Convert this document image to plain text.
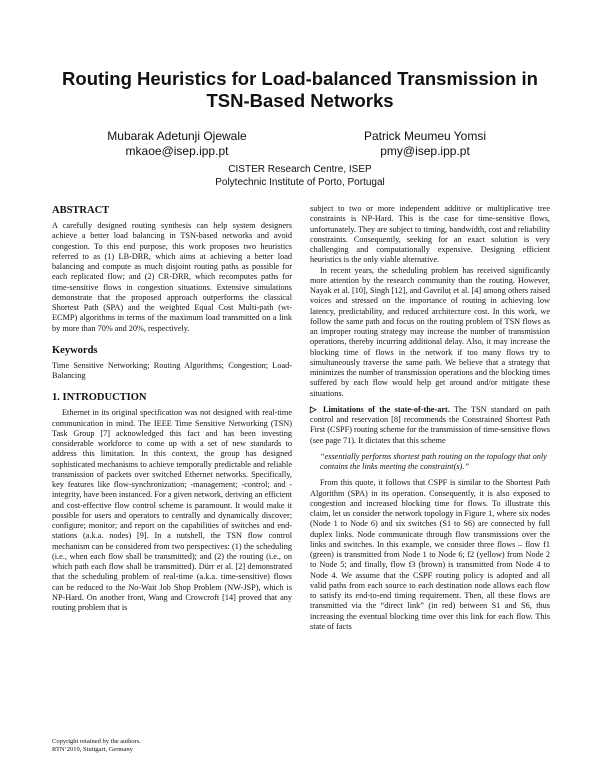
Routing Heuristics for Load-balanced Transmission in TSN-Based Networks
Mubarak Adetunji Ojewale
mkaoe@isep.ipp.pt
Patrick Meumeu Yomsi
pmy@isep.ipp.pt
CISTER Research Centre, ISEP
Polytechnic Institute of Porto, Portugal
ABSTRACT

A carefully designed routing synthesis can help system designers achieve a better load balancing in TSN-based networks and avoid congestion. To this end purpose, this work proposes two heuristics referred to as (1) LB-DRR, which aims at achieving a better load balancing and compute as much disjoint routing paths as possible for each replicated flow; and (2) CR-DRR, which recomputes paths for time-sensitive flows in congestion situations. Extensive simulations demonstrate that the proposed approach outperforms the classical Shortest Path (SPA) and the weighted Equal Cost Multi-path (wt-ECMP) algorithms in terms of the maximum load transmitted on a link by more than 70% and 20%, respectively.

Keywords

Time Sensitive Networking; Routing Algorithms; Congestion; Load-Balancing

1. INTRODUCTION

Ethernet in its original specification was not designed with real-time communication in mind. The IEEE Time Sensitive Networking (TSN) Task Group [7] acknowledged this fact and has been investing considerable workforce to come up with a set of new standards to address this limitation. In this context, the group has designed sophisticated mechanisms to achieve temporally predictable and reliable transmission of packets over switched Ethernet networks. Specifically, key features like flow-synchronization; -management; -control; and -integrity, have been instanced. For a given network, deriving an efficient and cost-effective flow control scheme is paramount. It would make it possible for users and operators to centrally and dynamically discover; configure; monitor; and report on the capabilities of switches and end-stations (a.k.a. nodes) [9]. In a nutshell, the TSN flow control mechanism can be considered from two perspectives: (1) the scheduling (i.e., when each flow shall be transmitted); and (2) the routing (i.e., on which path each flow shall be transmitted). Dürr et al. [2] demonstrated that the scheduling problem of real-time (a.k.a. time-sensitive) flows can be reduced to the No-Wait Job Shop Problem (NW-JSP), which is NP-Hard. On another front, Wang and Crowcroft [14] proved that any routing problem that is

subject to two or more independent additive or multiplicative tree constraints is NP-Hard. This is the case for time-sensitive flows, unfortunately. They are subject to timing, bandwidth, cost and reliability constraints. Consequently, seeking for an exact solution is very challenging and computationally expensive. Designing efficient heuristics is the only viable alternative.

In recent years, the scheduling problem has received significantly more attention by the research community than the routing. However, Nayak et al. [10], Singh [12], and Gavriluț et al. [4] among others raised voices and stressed on the importance of routing in achieving low latency, predictability, and reduced architecture cost. In this work, we follow the same path and focus on the routing problem of TSN flows as an improper routing strategy may increase the number of transmission operations, thereby incurring additional delay. Also, it may increase the blocking time of flows in the network if too many flows try to simultaneously traverse the same path. We believe that a strategy that minimizes the number of transmission operations and the blocking times suffered by each flow would help get around and/or mitigate these situations.

▷ Limitations of the state-of-the-art. The TSN standard on path control and reservation [8] recommends the Constrained Shortest Path First (CSPF) routing scheme for the transmission of time-sensitive flows (see page 71). It dictates that this scheme

“essentially performs shortest path routing on the topology that only contains the links meeting the constraint(s).”

From this quote, it follows that CSPF is similar to the Shortest Path Algorithm (SPA) in its operation. Consequently, it is also exposed to congestion and increased blocking time for flows. To illustrate this claim, let us consider the network topology in Figure 1, where six nodes (Node 1 to Node 6) and six switches (S1 to S6) are connected by full duplex links. Node communicate through flow transmissions over the links and switches. In this example, we consider three flows – flow f1 (green) is transmitted from Node 1 to Node 6; f2 (yellow) from Node 2 to Node 5; and finally, flow f3 (brown) is transmitted from Node 4 to Node 4. We assume that the CSPF routing policy is adopted and all valid paths from each source to each destination node allows each flow to satisfy its end-to-end timing requirement. Then, all these flows are transmitted via the “direct link” (in red) between S1 and S6, thus increasing the eventual blocking time over this link for each flow. This state of facts

Copyright retained by the authors.
RTN’2019, Stuttgart, Germany
